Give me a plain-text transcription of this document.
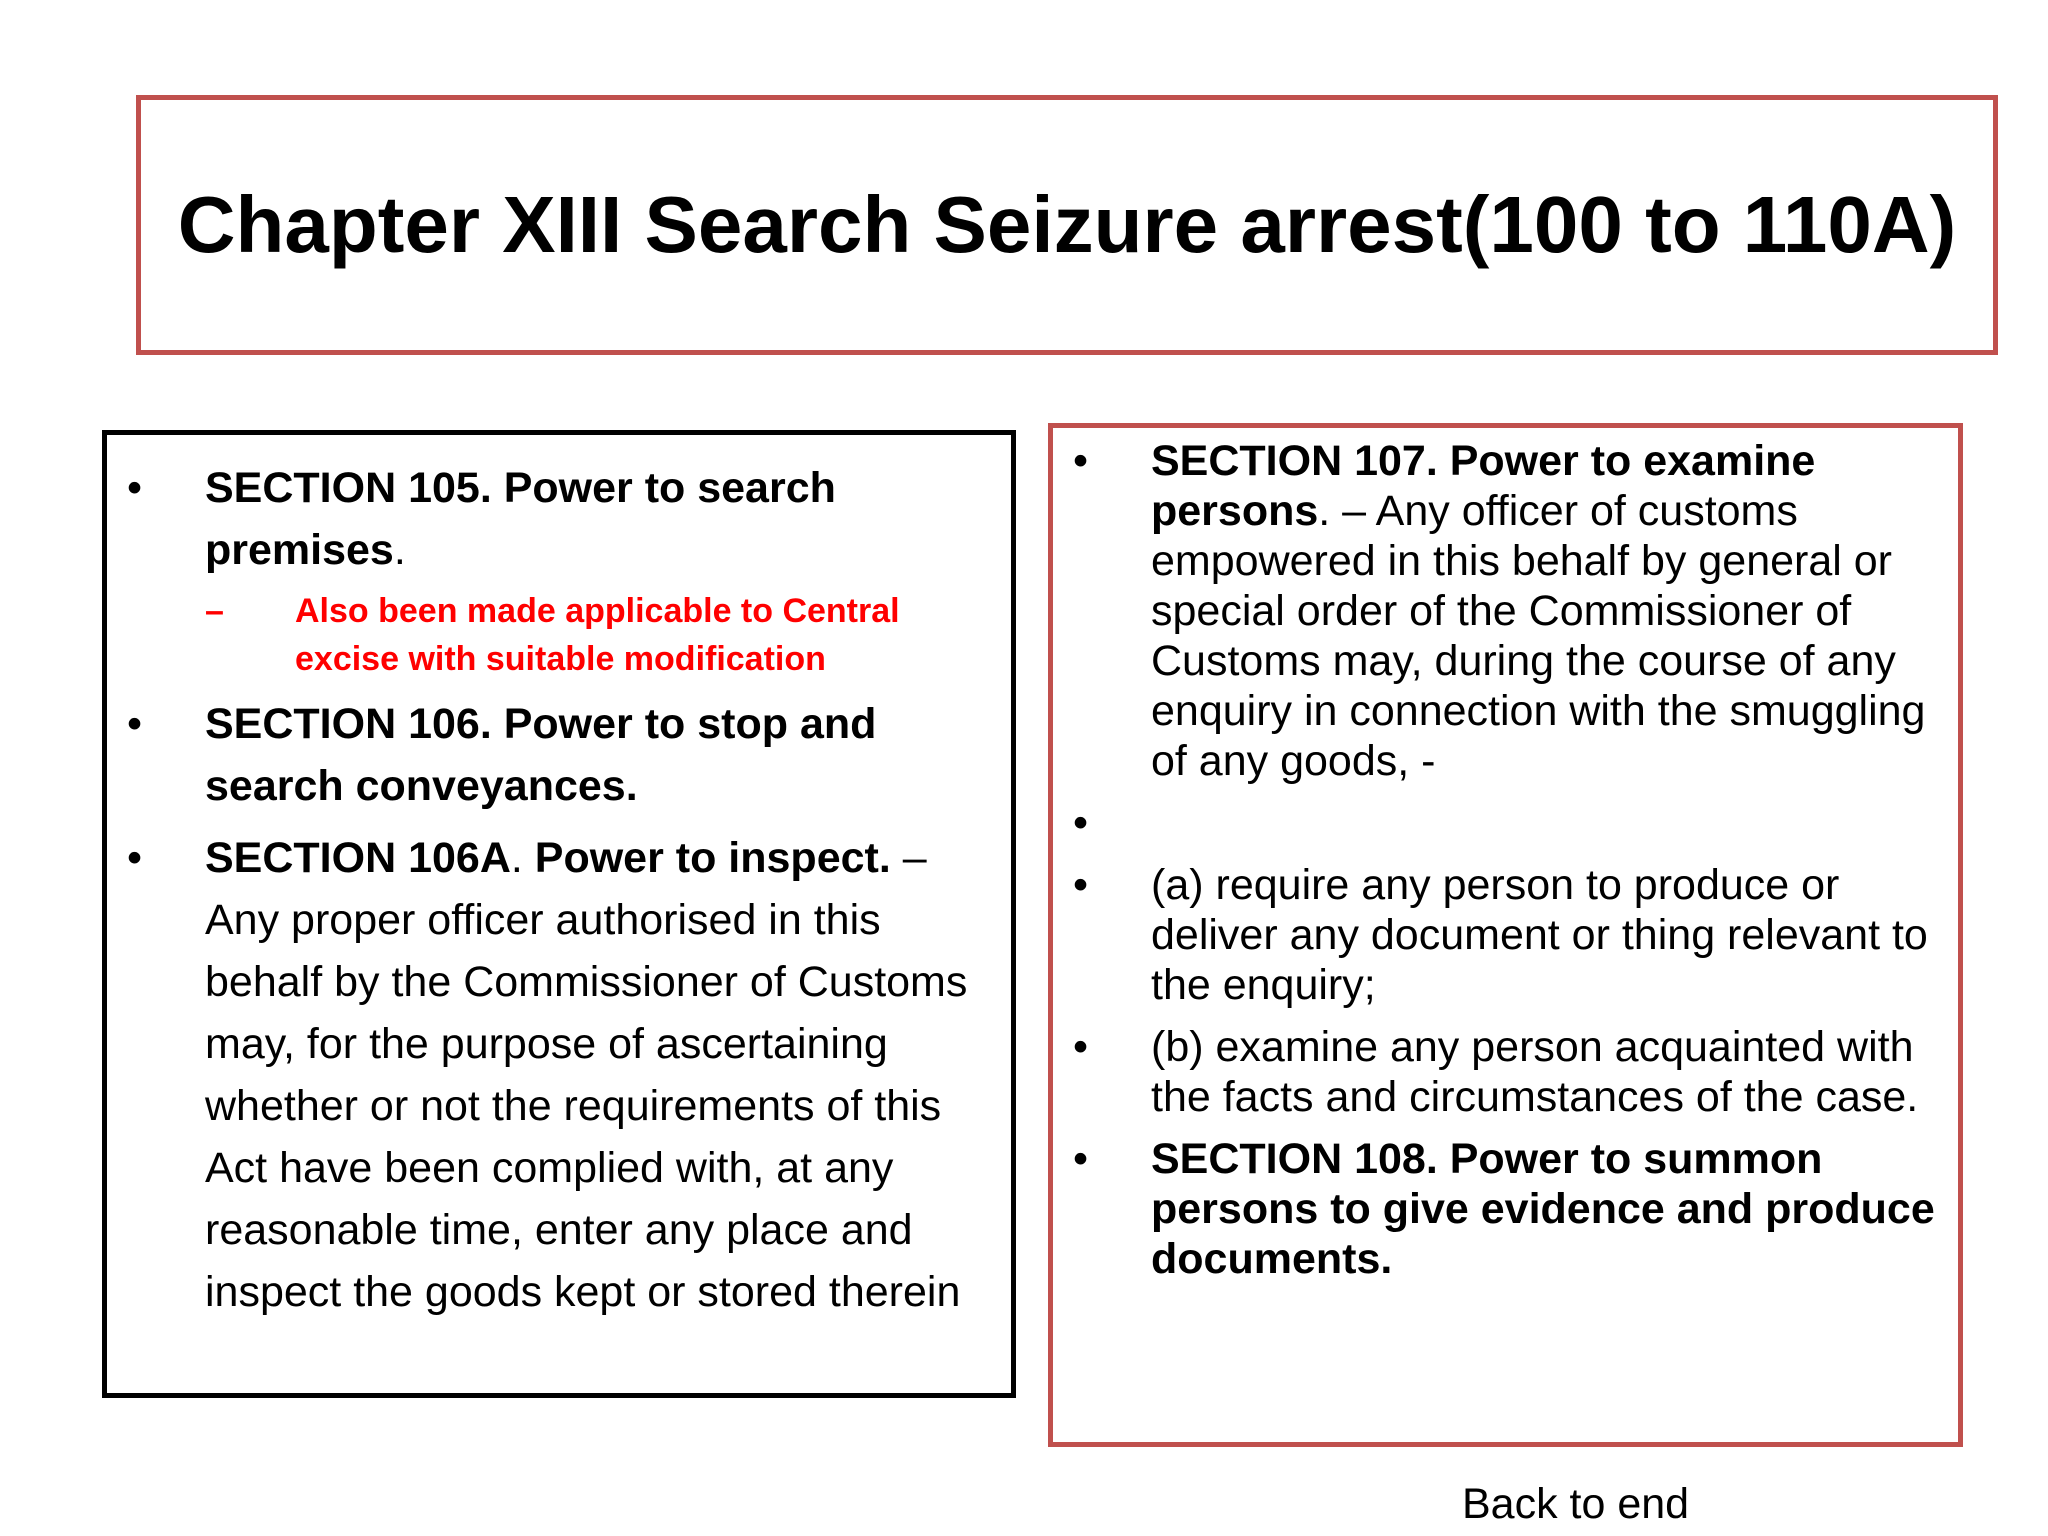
Chapter XIII Search Seizure arrest(100 to 110A)
• SECTION 105. Power to search premises.
– Also been made applicable to Central excise with suitable modification
• SECTION 106. Power to stop and search conveyances.
• SECTION 106A. Power to inspect. – Any proper officer authorised in this behalf by the Commissioner of Customs may, for the purpose of ascertaining whether or not the requirements of this Act have been complied with, at any reasonable time, enter any place and inspect the goods kept or stored therein
• SECTION 107. Power to examine persons. – Any officer of customs empowered in this behalf by general or special order of the Commissioner of Customs may, during the course of any enquiry in connection with the smuggling of any goods, -
•
• (a) require any person to produce or deliver any document or thing relevant to the enquiry;
• (b) examine any person acquainted with the facts and circumstances of the case.
• SECTION 108. Power to summon persons to give evidence and produce documents.
Back to end
